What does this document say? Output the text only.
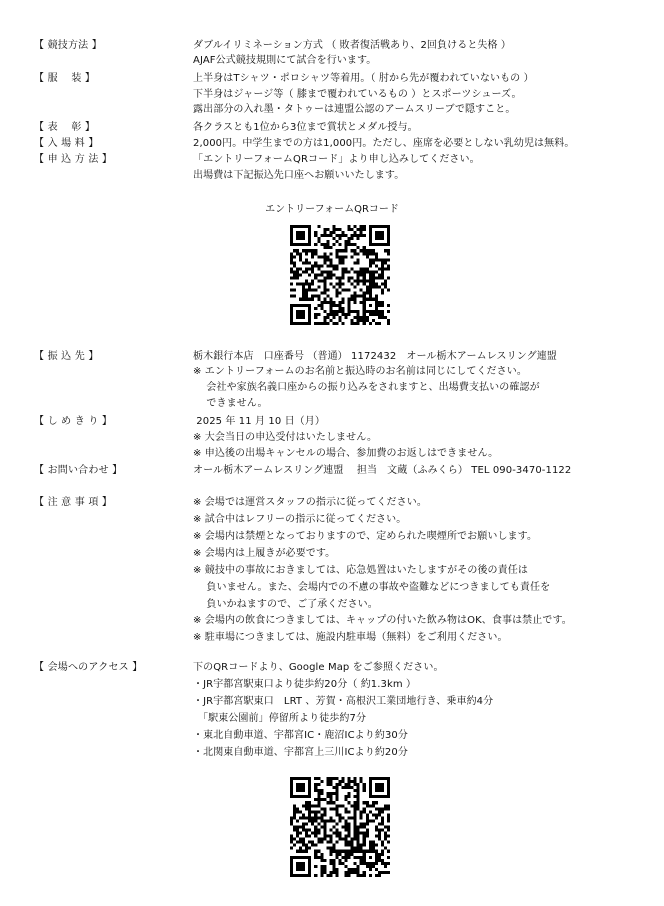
【 競技方法 】	ダブルイリミネーション方式 （ 敗者復活戦あり、2回負けると失格 ）
AJAF公式競技規則にて試合を行います。
【 服　 装 】	上半身はTシャツ・ポロシャツ等着用。（ 肘から先が覆われていないもの ）
下半身はジャージ等（ 膝まで覆われているもの ）とスポーツシューズ。
露出部分の入れ墨・タトゥーは連盟公認のアームスリーブで隠すこと。
【 表　 彰 】	各クラスとも1位から3位まで賞状とメダル授与。
【 入 場 料 】	2,000円。中学生までの方は1,000円。ただし、座席を必要としない乳幼児は無料。
【 申 込 方 法 】	「エントリーフォームQRコード」より申し込みしてください。
出場費は下記振込先口座へお願いいたします。
エントリーフォームQRコード
【 振 込 先 】	栃木銀行本店　口座番号 （普通） 1172432　オール栃木アームレスリング連盟
※ エントリーフォームのお名前と振込時のお名前は同じにしてください。
　 会社や家族名義口座からの振り込みをされますと、出場費支払いの確認が
　 できません。
【 し め き り 】	2025 年 11 月 10 日（月）
※ 大会当日の申込受付はいたしません。
※ 申込後の出場キャンセルの場合、参加費のお返しはできません。
【 お問い合わせ 】	オール栃木アームレスリング連盟　 担当　文蔵（ふみくら） TEL 090-3470-1122
【 注 意 事 項 】	※ 会場では運営スタッフの指示に従ってください。
※ 試合中はレフリーの指示に従ってください。
※ 会場内は禁煙となっておりますので、定められた喫煙所でお願いします。
※ 会場内は上履きが必要です。
※ 競技中の事故におきましては、応急処置はいたしますがその後の責任は
　 負いません。また、会場内での不慮の事故や盗難などにつきましても責任を
　 負いかねますので、ご了承ください。
※ 会場内の飲食につきましては、キャップの付いた飲み物はOK、食事は禁止です。
※ 駐車場につきましては、施設内駐車場（無料）をご利用ください。
【 会場へのアクセス 】	下のQRコードより、Google Map をご参照ください。
・JR宇都宮駅東口より徒歩約20分（ 約1.3km ）
・JR宇都宮駅東口　LRT 、芳賀・高根沢工業団地行き、乗車約4分
「駅東公園前」停留所より徒歩約7分
・東北自動車道、宇都宮IC・鹿沼ICより約30分
・北関東自動車道、宇都宮上三川ICより約20分
